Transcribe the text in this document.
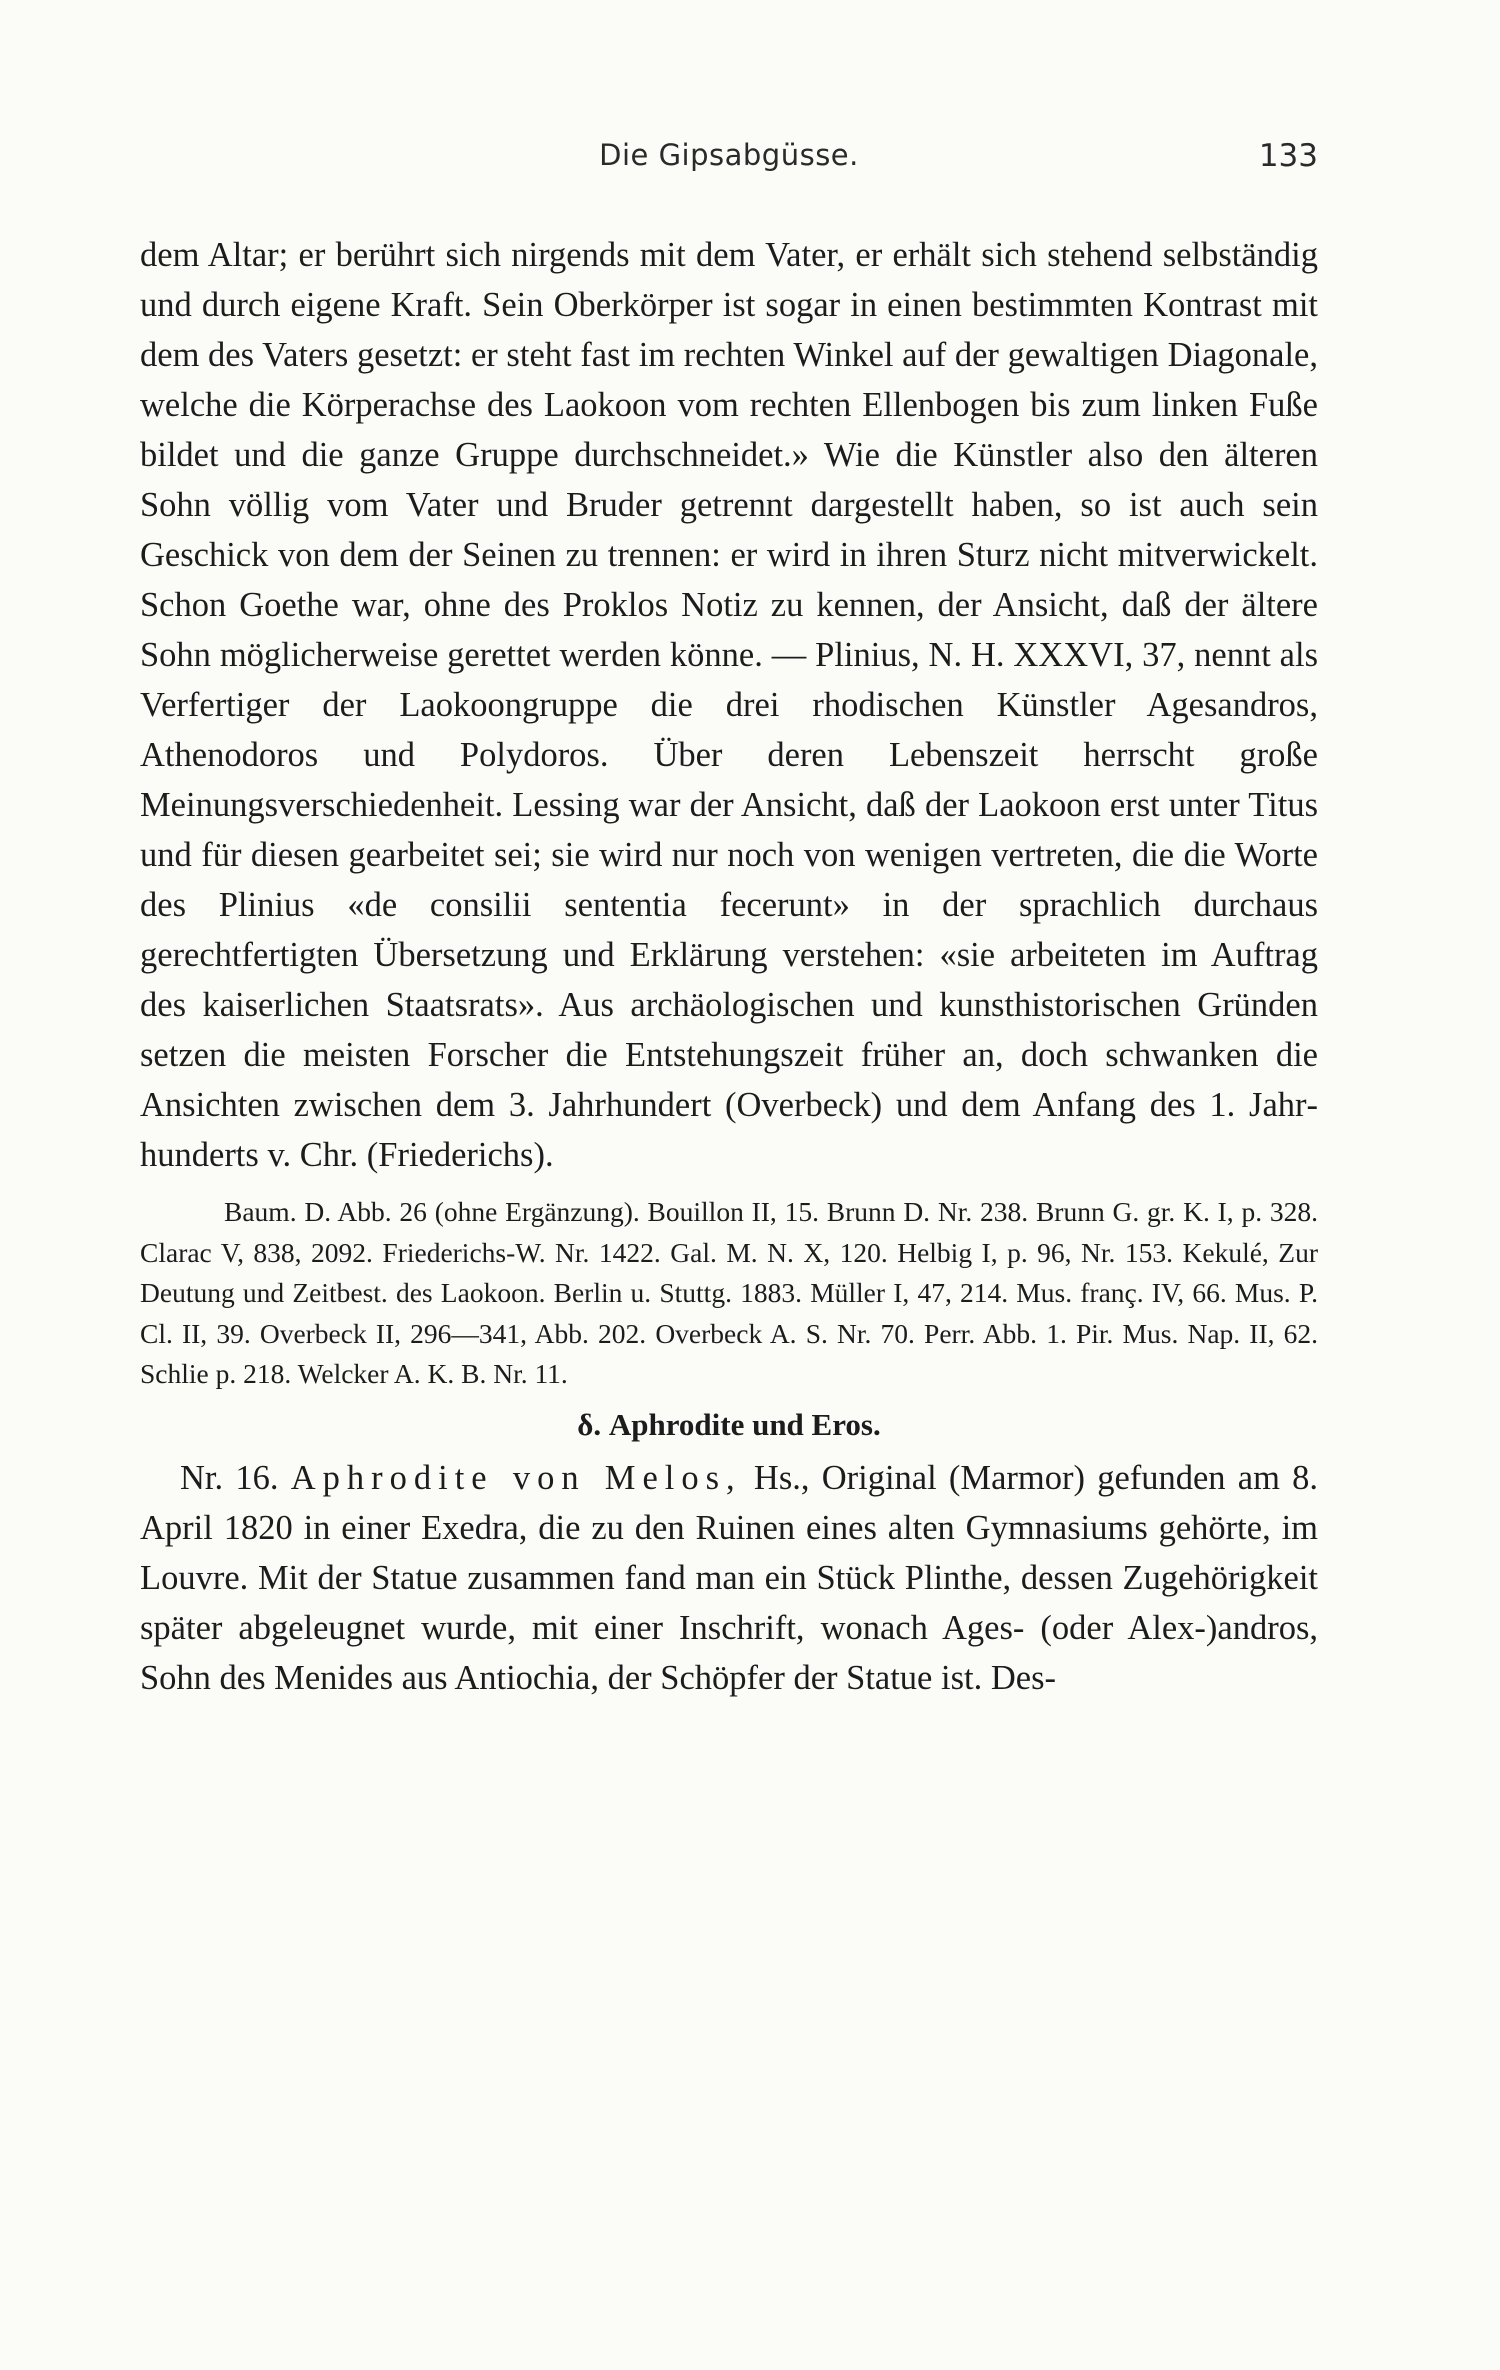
Die Gipsabgüsse.	133

dem Altar; er berührt sich nirgends mit dem Vater, er erhält sich stehend selbständig und durch eigene Kraft. Sein Oberkörper ist sogar in einen bestimmten Kontrast mit dem des Vaters gesetzt: er steht fast im rechten Winkel auf der gewaltigen Diagonale, welche die Körperachse des Laokoon vom rechten Ellenbogen bis zum linken Fuße bildet und die ganze Gruppe durchschneidet.» Wie die Künstler also den älteren Sohn völlig vom Vater und Bruder getrennt dargestellt haben, so ist auch sein Geschick von dem der Seinen zu trennen: er wird in ihren Sturz nicht mitverwickelt. Schon Goethe war, ohne des Proklos Notiz zu kennen, der Ansicht, daß der ältere Sohn möglicherweise gerettet werden könne. — Plinius, N. H. XXXVI, 37, nennt als Verfertiger der Laokoongruppe die drei rhodischen Künstler Agesandros, Athenodoros und Polydoros. Über deren Lebenszeit herrscht große Meinungsverschiedenheit. Lessing war der Ansicht, daß der Laokoon erst unter Titus und für diesen gearbeitet sei; sie wird nur noch von wenigen vertreten, die die Worte des Plinius «de consilii sententia fecerunt» in der sprachlich durchaus gerechtfertigten Übersetzung und Erklärung verstehen: «sie arbeiteten im Auftrag des kaiserlichen Staatsrats». Aus archäologischen und kunsthistorischen Gründen setzen die meisten Forscher die Entstehungszeit früher an, doch schwanken die Ansichten zwischen dem 3. Jahrhundert (Overbeck) und dem Anfang des 1. Jahrhunderts v. Chr. (Friederichs).

Baum. D. Abb. 26 (ohne Ergänzung). Bouillon II, 15. Brunn D. Nr. 238. Brunn G. gr. K. I, p. 328. Clarac V, 838, 2092. Friederichs-W. Nr. 1422. Gal. M. N. X, 120. Helbig I, p. 96, Nr. 153. Kekulé, Zur Deutung und Zeitbest. des Laokoon. Berlin u. Stuttg. 1883. Müller I, 47, 214. Mus. franç. IV, 66. Mus. P. Cl. II, 39. Overbeck II, 296—341, Abb. 202. Overbeck A. S. Nr. 70. Perr. Abb. 1. Pir. Mus. Nap. II, 62. Schlie p. 218. Welcker A. K. B. Nr. 11.

δ. Aphrodite und Eros.

Nr. 16. Aphrodite von Melos, Hs., Original (Marmor) gefunden am 8. April 1820 in einer Exedra, die zu den Ruinen eines alten Gymnasiums gehörte, im Louvre. Mit der Statue zusammen fand man ein Stück Plinthe, dessen Zugehörigkeit später abgeleugnet wurde, mit einer Inschrift, wonach Ages- (oder Alex-)andros, Sohn des Menides aus Antiochia, der Schöpfer der Statue ist. Des-
